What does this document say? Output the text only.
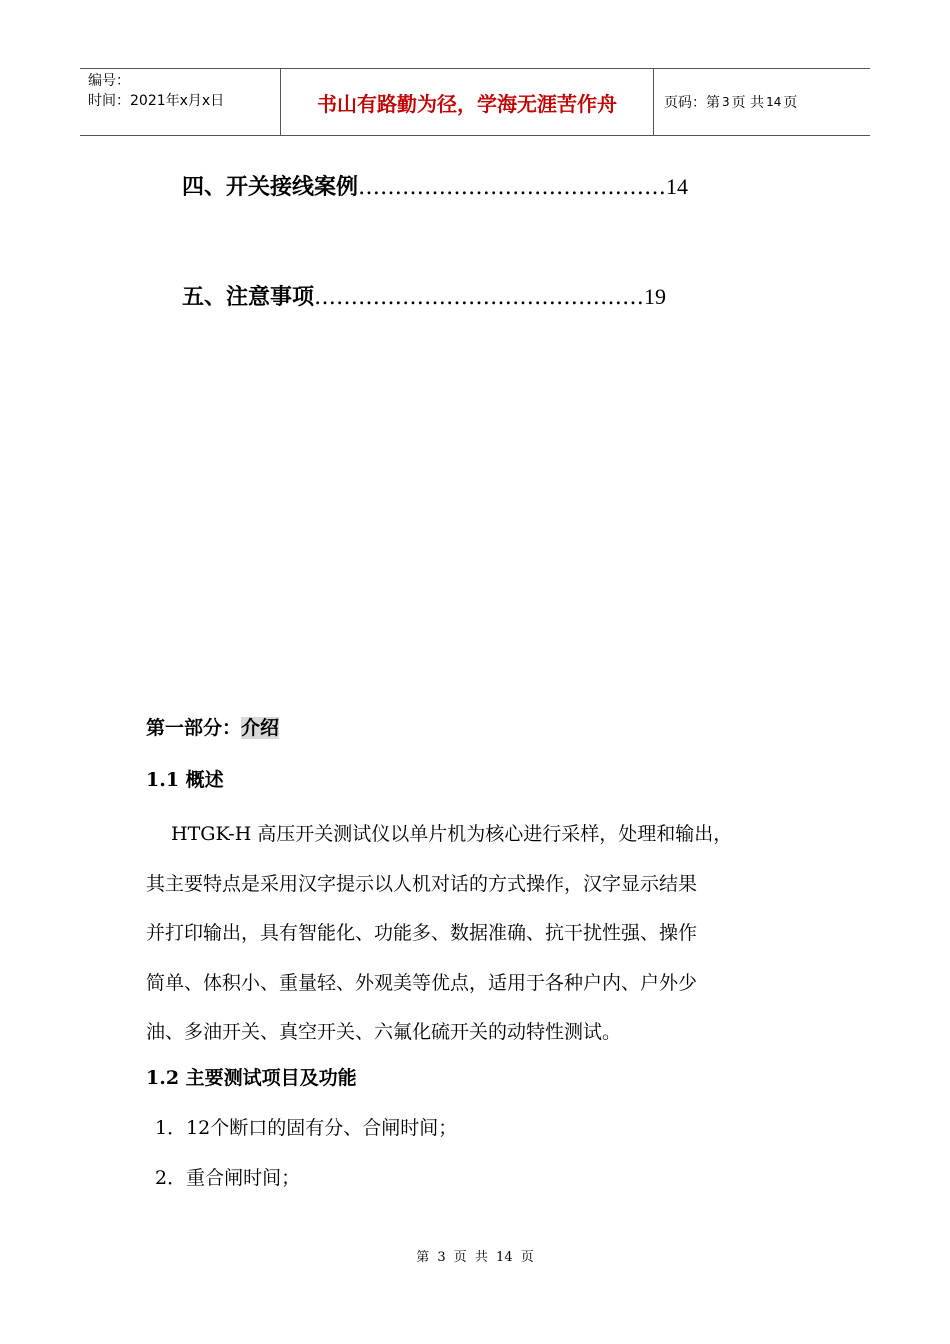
编号：
时间：2021年x月x日	书山有路勤为径，学海无涯苦作舟	页码：第 3 页 共 14 页
四、开关接线案例……………………………………14
五、注意事项………………………………………19
第一部分：介绍
1.1 概述
　 HTGK-H 高压开关测试仪以单片机为核心进行采样，处理和输出，
其主要特点是采用汉字提示以人机对话的方式操作，汉字显示结果
并打印输出，具有智能化、功能多、数据准确、抗干扰性强、操作
简单、体积小、重量轻、外观美等优点，适用于各种户内、户外少
油、多油开关、真空开关、六氟化硫开关的动特性测试。
1.2 主要测试项目及功能
1．12个断口的固有分、合闸时间；
2．重合闸时间；
第 3 页 共 14 页
